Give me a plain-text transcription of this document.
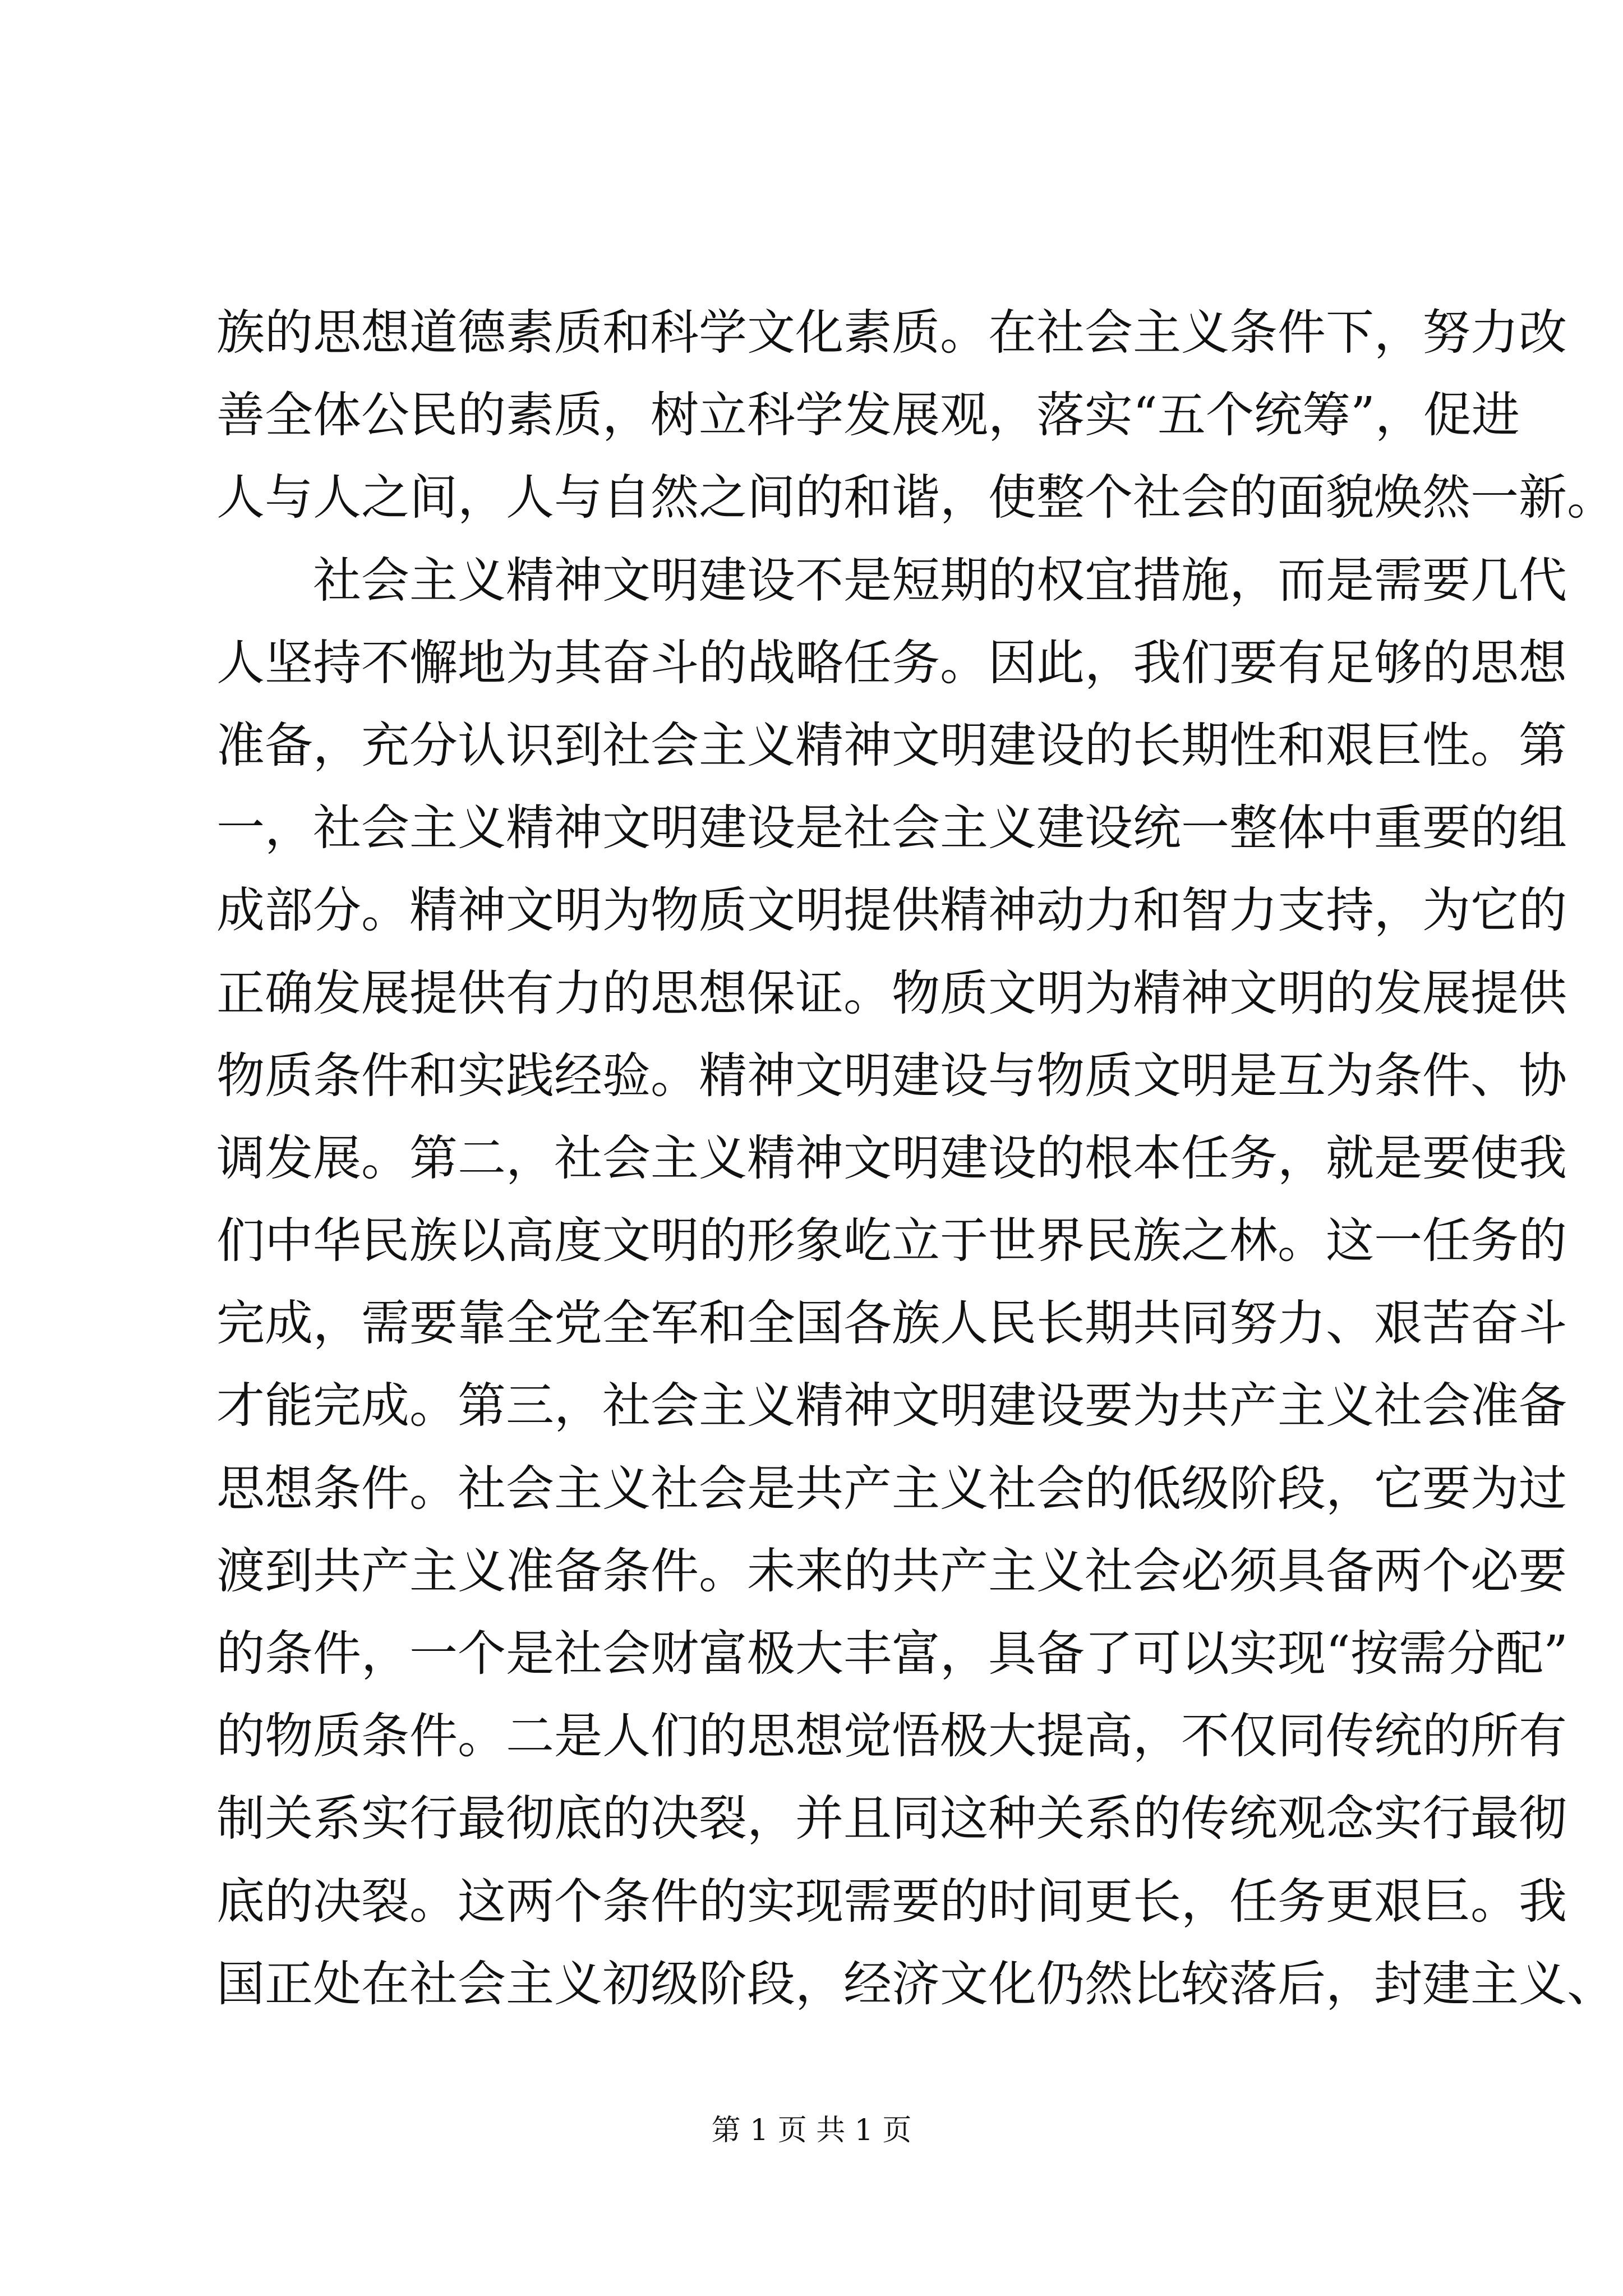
族的思想道德素质和科学文化素质。在社会主义条件下，努力改
善全体公民的素质，树立科学发展观，落实“五个统筹”，促进
人与人之间，人与自然之间的和谐，使整个社会的面貌焕然一新。
　　社会主义精神文明建设不是短期的权宜措施，而是需要几代
人坚持不懈地为其奋斗的战略任务。因此，我们要有足够的思想
准备，充分认识到社会主义精神文明建设的长期性和艰巨性。第
一，社会主义精神文明建设是社会主义建设统一整体中重要的组
成部分。精神文明为物质文明提供精神动力和智力支持，为它的
正确发展提供有力的思想保证。物质文明为精神文明的发展提供
物质条件和实践经验。精神文明建设与物质文明是互为条件、协
调发展。第二，社会主义精神文明建设的根本任务，就是要使我
们中华民族以高度文明的形象屹立于世界民族之林。这一任务的
完成，需要靠全党全军和全国各族人民长期共同努力、艰苦奋斗
才能完成。第三，社会主义精神文明建设要为共产主义社会准备
思想条件。社会主义社会是共产主义社会的低级阶段，它要为过
渡到共产主义准备条件。未来的共产主义社会必须具备两个必要
的条件，一个是社会财富极大丰富，具备了可以实现“按需分配”
的物质条件。二是人们的思想觉悟极大提高，不仅同传统的所有
制关系实行最彻底的决裂，并且同这种关系的传统观念实行最彻
底的决裂。这两个条件的实现需要的时间更长，任务更艰巨。我
国正处在社会主义初级阶段，经济文化仍然比较落后，封建主义、
第 1 页 共 1 页
